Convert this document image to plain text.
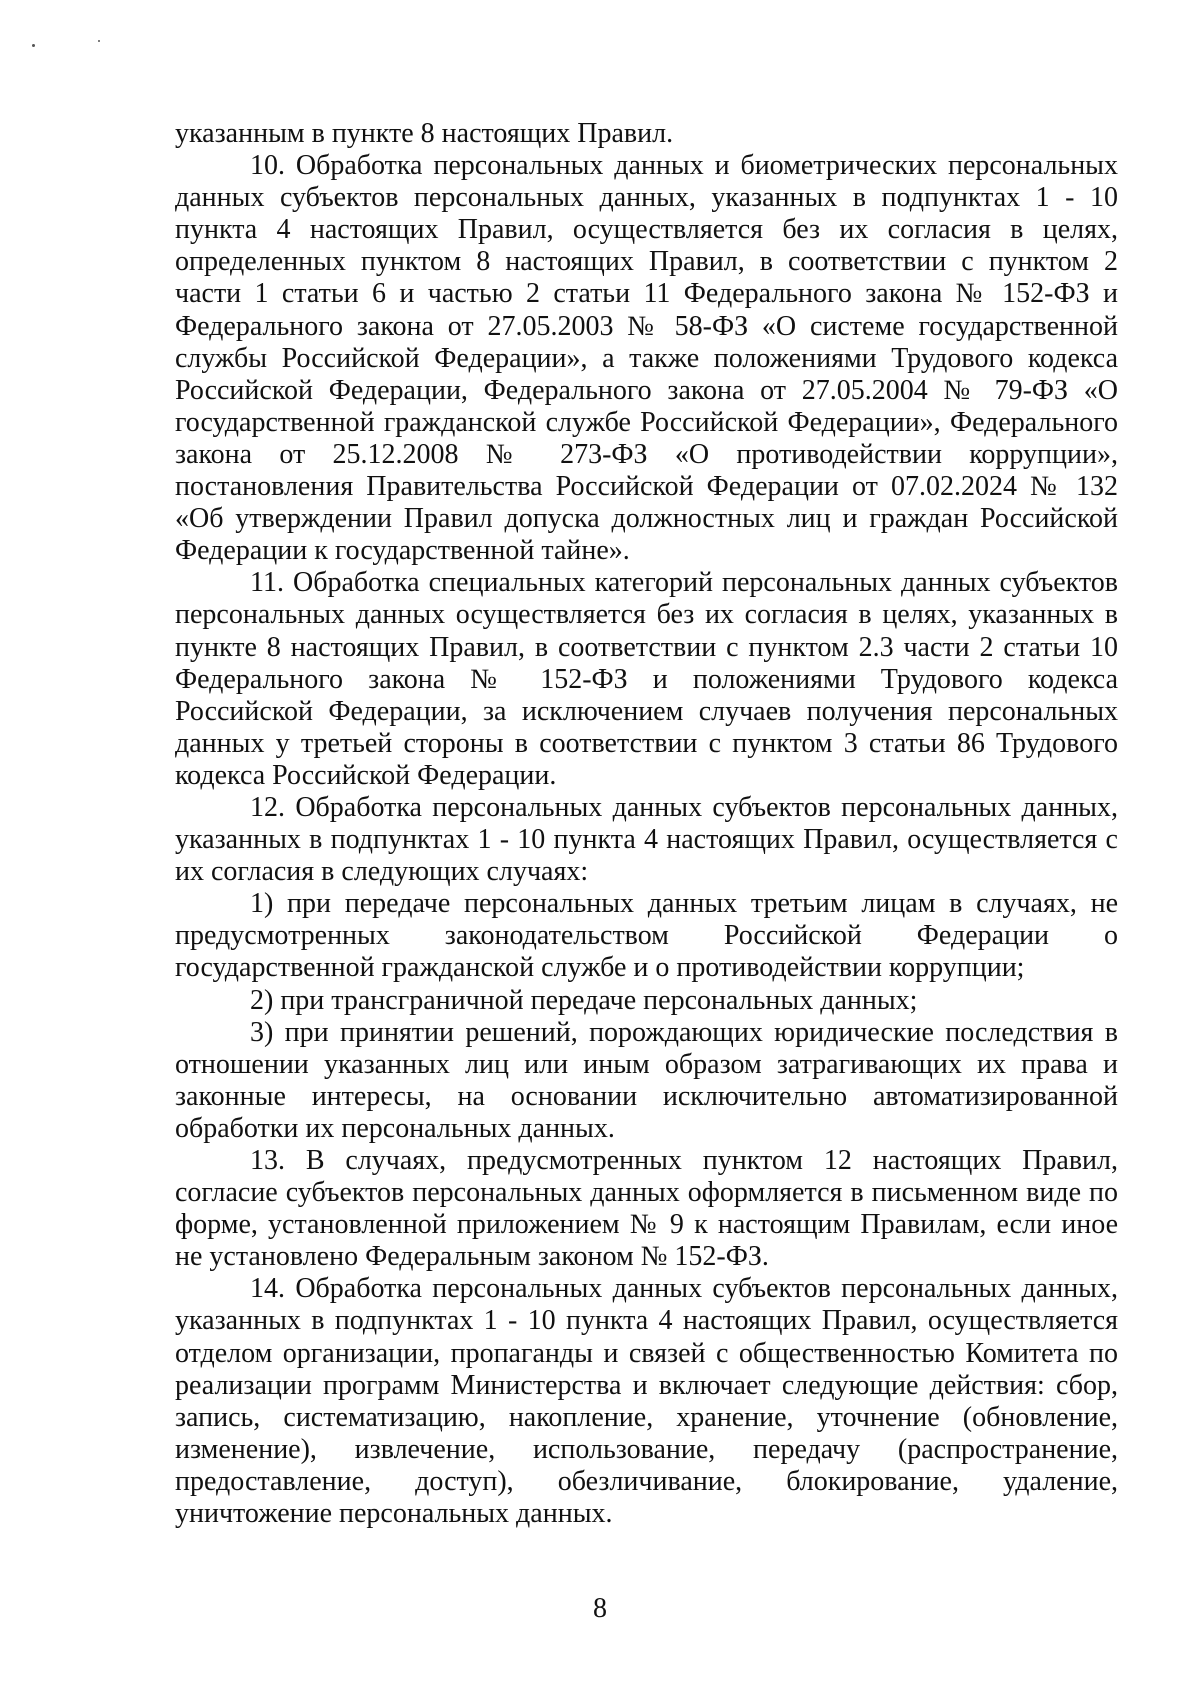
указанным в пункте 8 настоящих Правил.

10. Обработка персональных данных и биометрических персональных данных субъектов персональных данных, указанных в подпунктах 1 - 10 пункта 4 настоящих Правил, осуществляется без их согласия в целях, определенных пунктом 8 настоящих Правил, в соответствии с пунктом 2 части 1 статьи 6 и частью 2 статьи 11 Федерального закона № 152-ФЗ и Федерального закона от 27.05.2003 № 58-ФЗ «О системе государственной службы Российской Федерации», а также положениями Трудового кодекса Российской Федерации, Федерального закона от 27.05.2004 № 79-ФЗ «О государственной гражданской службе Российской Федерации», Федерального закона от 25.12.2008 № 273-ФЗ «О противодействии коррупции», постановления Правительства Российской Федерации от 07.02.2024 № 132 «Об утверждении Правил допуска должностных лиц и граждан Российской Федерации к государственной тайне».

11. Обработка специальных категорий персональных данных субъектов персональных данных осуществляется без их согласия в целях, указанных в пункте 8 настоящих Правил, в соответствии с пунктом 2.3 части 2 статьи 10 Федерального закона № 152-ФЗ и положениями Трудового кодекса Российской Федерации, за исключением случаев получения персональных данных у третьей стороны в соответствии с пунктом 3 статьи 86 Трудового кодекса Российской Федерации.

12. Обработка персональных данных субъектов персональных данных, указанных в подпунктах 1 - 10 пункта 4 настоящих Правил, осуществляется с их согласия в следующих случаях:

1) при передаче персональных данных третьим лицам в случаях, не предусмотренных законодательством Российской Федерации о государственной гражданской службе и о противодействии коррупции;

2) при трансграничной передаче персональных данных;

3) при принятии решений, порождающих юридические последствия в отношении указанных лиц или иным образом затрагивающих их права и законные интересы, на основании исключительно автоматизированной обработки их персональных данных.

13. В случаях, предусмотренных пунктом 12 настоящих Правил, согласие субъектов персональных данных оформляется в письменном виде по форме, установленной приложением № 9 к настоящим Правилам, если иное не установлено Федеральным законом № 152-ФЗ.

14. Обработка персональных данных субъектов персональных данных, указанных в подпунктах 1 - 10 пункта 4 настоящих Правил, осуществляется отделом организации, пропаганды и связей с общественностью Комитета по реализации программ Министерства и включает следующие действия: сбор, запись, систематизацию, накопление, хранение, уточнение (обновление, изменение), извлечение, использование, передачу (распространение, предоставление, доступ), обезличивание, блокирование, удаление, уничтожение персональных данных.

8
